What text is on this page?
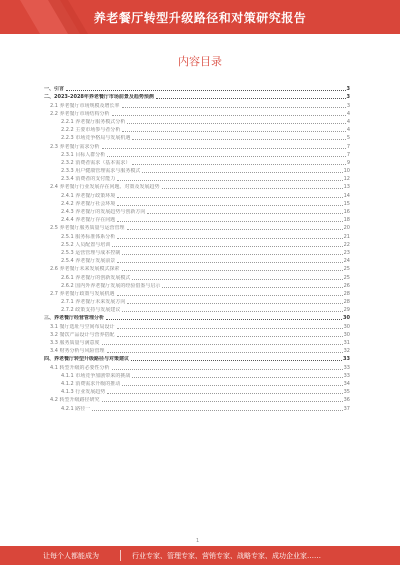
养老餐厅转型升级路径和对策研究报告
内容目录
一、引言	3
二、2023-2028年养老餐厅市场前景及趋势预测	3
2.1 养老餐厅市场规模及增长率	3
2.2 养老餐厅市场结构分析	4
2.2.1 养老餐厅服务模式分析	4
2.2.2 主要市场参与者分析	4
2.2.3 市场竞争格局与发展机遇	5
2.3 养老餐厅需求分析	7
2.3.1 目标人群分析	7
2.3.2 消费者需求（基本需求）	9
2.3.3 用户健康管理需求与服务模式	10
2.3.4 消费者的支付能力	12
2.4 养老餐厅行业发展存在问题、对策及发展趋势	13
2.4.1 养老餐厅政策环境	14
2.4.2 养老餐厅社会环境	15
2.4.3 养老餐厅的发展趋势与创新方向	16
2.4.4 养老餐厅存在问题	18
2.5 养老餐厅服务质量与运营管理	20
2.5.1 服务标准体系分析	21
2.5.2 人员配置与培训	22
2.5.3 运营管理与成本控制	23
2.5.4 养老餐厅发展前景	24
2.6 养老餐厅未来发展模式探索	25
2.6.1 养老餐厅的创新发展模式	25
2.6.2 国内外养老餐厅发展的经验借鉴与启示	26
2.7 养老餐厅政策与发展机遇	28
2.7.1 养老餐厅未来发展方向	28
2.7.2 政策支持与发展建议	29
三、养老餐厅经营管理分析	30
3.1 餐厅选址与空间布局设计	30
3.2 餐饮产品设计与营养搭配	30
3.3 服务质量与满意度	31
3.4 财务分析与风险管理	32
四、养老餐厅转型升级路径与对策建议	33
4.1 转型升级的必要性分析	33
4.1.1 市场竞争加剧带来的挑战	33
4.1.2 消费需求升级的推动	34
4.1.3 行业发展趋势	35
4.2 转型升级路径研究	36
4.2.1 路径一	37
1
让每个人都能成为	行业专家、管理专家、营销专家、战略专家、成功企业家……
